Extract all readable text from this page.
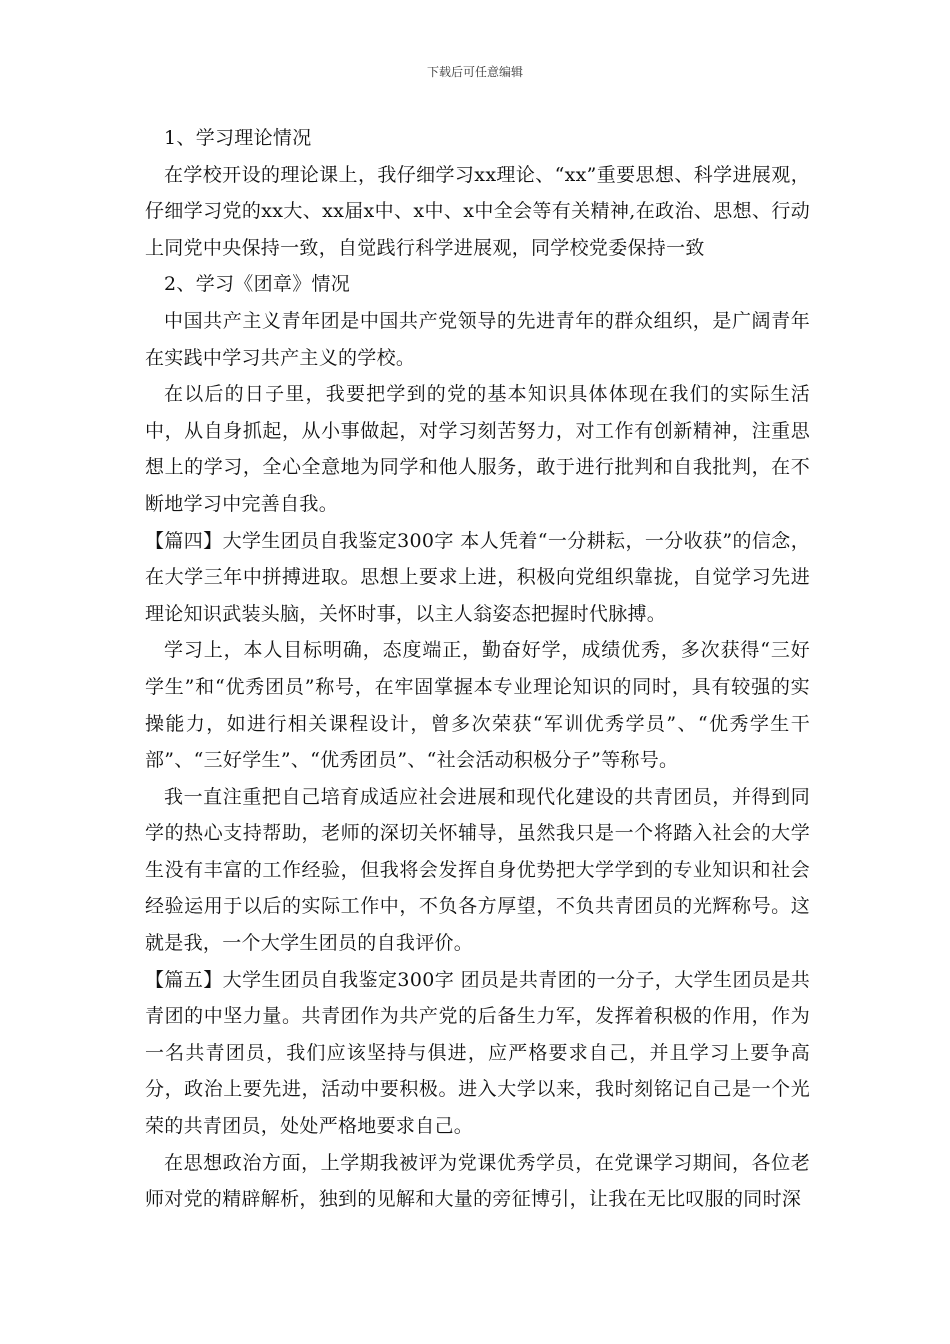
下载后可任意编辑

1、学习理论情况

在学校开设的理论课上，我仔细学习xx理论、“xx”重要思想、科学进展观，仔细学习党的xx大、xx届x中、x中、x中全会等有关精神,在政治、思想、行动上同党中央保持一致，自觉践行科学进展观，同学校党委保持一致

2、学习《团章》情况

中国共产主义青年团是中国共产党领导的先进青年的群众组织，是广阔青年在实践中学习共产主义的学校。

在以后的日子里，我要把学到的党的基本知识具体体现在我们的实际生活中，从自身抓起，从小事做起，对学习刻苦努力，对工作有创新精神，注重思想上的学习，全心全意地为同学和他人服务，敢于进行批判和自我批判，在不断地学习中完善自我。

【篇四】大学生团员自我鉴定300字 本人凭着“一分耕耘，一分收获”的信念，在大学三年中拼搏进取。思想上要求上进，积极向党组织靠拢，自觉学习先进理论知识武装头脑，关怀时事，以主人翁姿态把握时代脉搏。

学习上，本人目标明确，态度端正，勤奋好学，成绩优秀，多次获得“三好学生”和“优秀团员”称号，在牢固掌握本专业理论知识的同时，具有较强的实操能力，如进行相关课程设计，曾多次荣获“军训优秀学员”、“优秀学生干部”、“三好学生”、“优秀团员”、“社会活动积极分子”等称号。

我一直注重把自己培育成适应社会进展和现代化建设的共青团员，并得到同学的热心支持帮助，老师的深切关怀辅导，虽然我只是一个将踏入社会的大学生没有丰富的工作经验，但我将会发挥自身优势把大学学到的专业知识和社会经验运用于以后的实际工作中，不负各方厚望，不负共青团员的光辉称号。这就是我，一个大学生团员的自我评价。

【篇五】大学生团员自我鉴定300字 团员是共青团的一分子，大学生团员是共青团的中坚力量。共青团作为共产党的后备生力军，发挥着积极的作用，作为一名共青团员，我们应该坚持与俱进，应严格要求自己，并且学习上要争高分，政治上要先进，活动中要积极。进入大学以来，我时刻铭记自己是一个光荣的共青团员，处处严格地要求自己。

在思想政治方面，上学期我被评为党课优秀学员，在党课学习期间，各位老师对党的精辟解析，独到的见解和大量的旁征博引，让我在无比叹服的同时深
